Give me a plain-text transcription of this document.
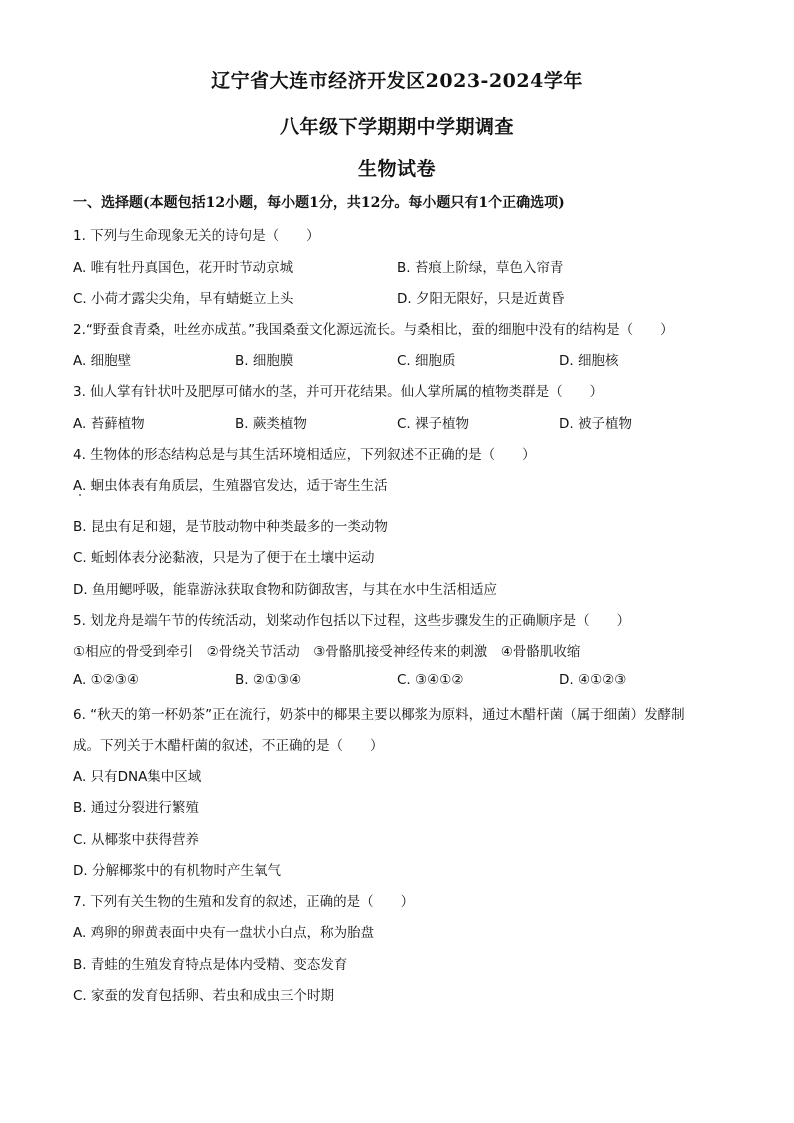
辽宁省大连市经济开发区2023-2024学年
八年级下学期期中学期调查
生物试卷
一、选择题(本题包括12小题，每小题1分，共12分。每小题只有1个正确选项)
1. 下列与生命现象无关的诗句是（　　）
A. 唯有牡丹真国色，花开时节动京城	B. 苔痕上阶绿，草色入帘青
C. 小荷才露尖尖角，早有蜻蜓立上头	D. 夕阳无限好，只是近黄昏
2.“野蚕食青桑，吐丝亦成茧。”我国桑蚕文化源远流长。与桑相比，蚕的细胞中没有的结构是（　　）
A. 细胞壁	B. 细胞膜	C. 细胞质	D. 细胞核
3. 仙人掌有针状叶及肥厚可储水的茎，并可开花结果。仙人掌所属的植物类群是（　　）
A. 苔藓植物	B. 蕨类植物	C. 裸子植物	D. 被子植物
4. 生物体的形态结构总是与其生活环境相适应，下列叙述不正确的是（　　）
A. 蛔虫体表有角质层，生殖器官发达，适于寄生生活
B. 昆虫有足和翅，是节肢动物中种类最多的一类动物
C. 蚯蚓体表分泌黏液，只是为了便于在土壤中运动
D. 鱼用鳃呼吸，能靠游泳获取食物和防御敌害，与其在水中生活相适应
5. 划龙舟是端午节的传统活动，划桨动作包括以下过程，这些步骤发生的正确顺序是（　　）
①相应的骨受到牵引　②骨绕关节活动　③骨骼肌接受神经传来的刺激　④骨骼肌收缩
A. ①②③④	B. ②①③④	C. ③④①②	D. ④①②③
6. “秋天的第一杯奶茶”正在流行，奶茶中的椰果主要以椰浆为原料，通过木醋杆菌（属于细菌）发酵制
成。下列关于木醋杆菌的叙述，不正确的是（　　）
A. 只有DNA集中区域
B. 通过分裂进行繁殖
C. 从椰浆中获得营养
D. 分解椰浆中的有机物时产生氧气
7. 下列有关生物的生殖和发育的叙述，正确的是（　　）
A. 鸡卵的卵黄表面中央有一盘状小白点，称为胎盘
B. 青蛙的生殖发育特点是体内受精、变态发育
C. 家蚕的发育包括卵、若虫和成虫三个时期
